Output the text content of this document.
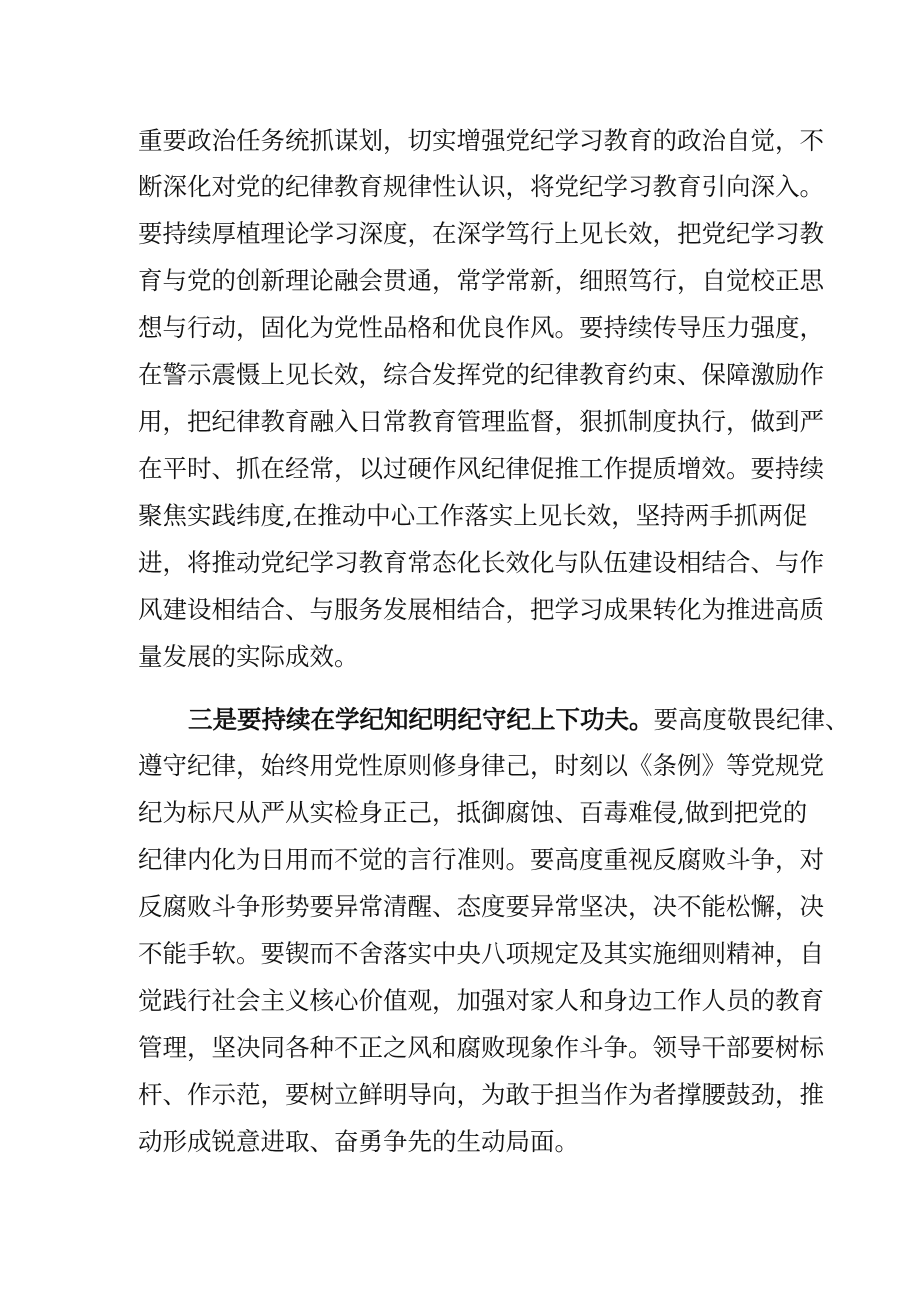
重要政治任务统抓谋划，切实增强党纪学习教育的政治自觉，不
断深化对党的纪律教育规律性认识，将党纪学习教育引向深入。
要持续厚植理论学习深度，在深学笃行上见长效，把党纪学习教
育与党的创新理论融会贯通，常学常新，细照笃行，自觉校正思
想与行动，固化为党性品格和优良作风。要持续传导压力强度，
在警示震慑上见长效，综合发挥党的纪律教育约束、保障激励作
用，把纪律教育融入日常教育管理监督，狠抓制度执行，做到严
在平时、抓在经常，以过硬作风纪律促推工作提质增效。要持续
聚焦实践纬度,在推动中心工作落实上见长效，坚持两手抓两促
进，将推动党纪学习教育常态化长效化与队伍建设相结合、与作
风建设相结合、与服务发展相结合，把学习成果转化为推进高质
量发展的实际成效。
三是要持续在学纪知纪明纪守纪上下功夫。要高度敬畏纪律、
遵守纪律，始终用党性原则修身律己，时刻以《条例》等党规党
纪为标尺从严从实检身正己，抵御腐蚀、百毒难侵,做到把党的
纪律内化为日用而不觉的言行准则。要高度重视反腐败斗争，对
反腐败斗争形势要异常清醒、态度要异常坚决，决不能松懈，决
不能手软。要锲而不舍落实中央八项规定及其实施细则精神，自
觉践行社会主义核心价值观，加强对家人和身边工作人员的教育
管理，坚决同各种不正之风和腐败现象作斗争。领导干部要树标
杆、作示范，要树立鲜明导向，为敢于担当作为者撑腰鼓劲，推
动形成锐意进取、奋勇争先的生动局面。
